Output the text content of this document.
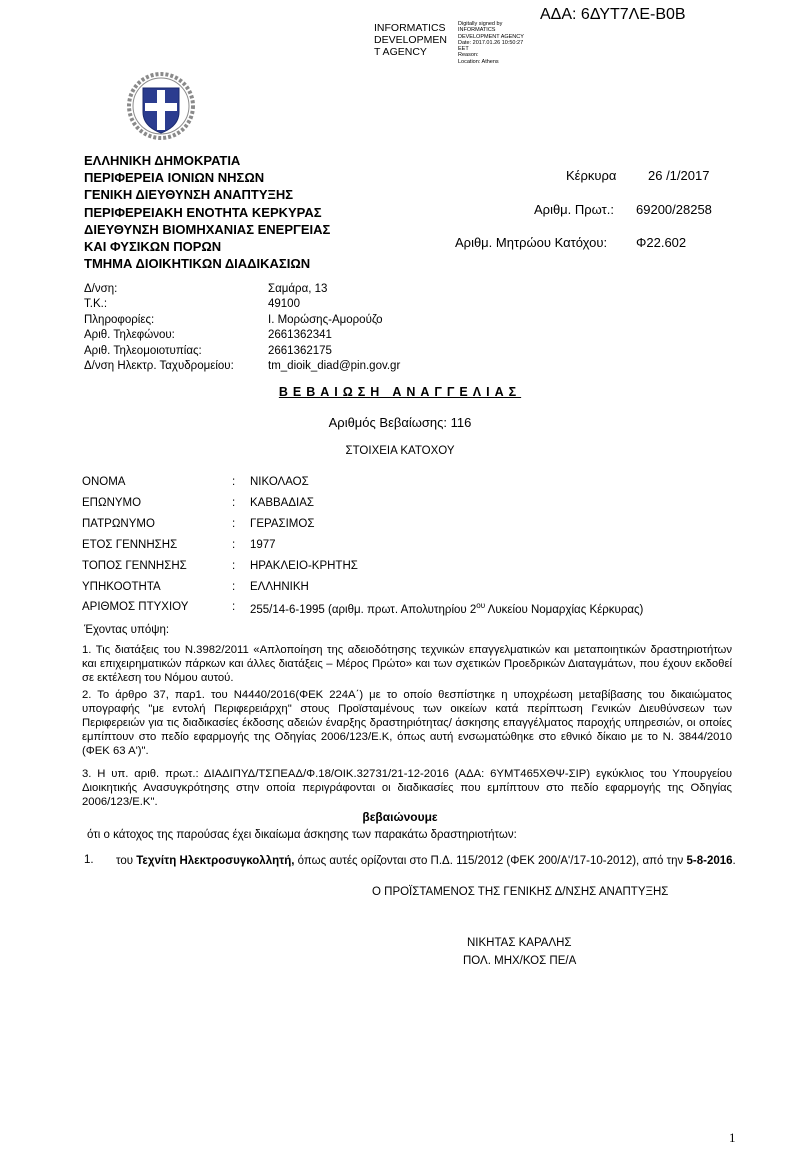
INFORMATICS
DEVELOPMEN
T AGENCY
Digitally signed by
INFORMATICS
DEVELOPMENT AGENCY
Date: 2017.01.26 10:50:27
EET
Reason:
Location: Athens
ΑΔΑ: 6ΔΥΤ7ΛΕ-Β0Β
ΕΛΛΗΝΙΚΗ ΔΗΜΟΚΡΑΤΙΑ
ΠΕΡΙΦΕΡΕΙΑ ΙΟΝΙΩΝ ΝΗΣΩΝ
ΓΕΝΙΚΗ ΔΙΕΥΘΥΝΣΗ ΑΝΑΠΤΥΞΗΣ
ΠΕΡΙΦΕΡΕΙΑΚΗ ΕΝΟΤΗΤΑ ΚΕΡΚΥΡΑΣ
ΔΙΕΥΘΥΝΣΗ ΒΙΟΜΗΧΑΝΙΑΣ ΕΝΕΡΓΕΙΑΣ
ΚΑΙ ΦΥΣΙΚΩΝ ΠΟΡΩΝ
ΤΜΗΜΑ ΔΙΟΙΚΗΤΙΚΩΝ ΔΙΑΔΙΚΑΣΙΩΝ
Κέρκυρα 26 /1/2017
Αριθμ. Πρωτ.: 69200/28258
Αριθμ. Μητρώου Κατόχου: Φ22.602
Δ/νση:	Σαμάρα, 13
Τ.Κ.:	49100
Πληροφορίες:	Ι. Μορώσης-Αμορούζο
Αριθ. Τηλεφώνου:	2661362341
Αριθ. Τηλεομοιοτυπίας:	2661362175
Δ/νση Ηλεκτρ. Ταχυδρομείου:	tm_dioik_diad@pin.gov.gr
ΒΕΒΑΙΩΣΗ ΑΝΑΓΓΕΛΙΑΣ
Αριθμός Βεβαίωσης: 116
ΣΤΟΙΧΕΙΑ ΚΑΤΟΧΟΥ
ΟΝΟΜΑ	: ΝΙΚΟΛΑΟΣ
ΕΠΩΝΥΜΟ	: ΚΑΒΒΑΔΙΑΣ
ΠΑΤΡΩΝΥΜΟ	: ΓΕΡΑΣΙΜΟΣ
ΕΤΟΣ ΓΕΝΝΗΣΗΣ	: 1977
ΤΟΠΟΣ ΓΕΝΝΗΣΗΣ	: ΗΡΑΚΛΕΙΟ-ΚΡΗΤΗΣ
ΥΠΗΚΟΟΤΗΤΑ	: ΕΛΛΗΝΙΚΗ
ΑΡΙΘΜΟΣ ΠΤΥΧΙΟΥ	: 255/14-6-1995 (αριθμ. πρωτ. Απολυτηρίου $2^{o\upsilon}$ Λυκείου Νομαρχίας Κέρκυρας)
Έχοντας υπόψη:
1. Τις διατάξεις του Ν.3982/2011 «Απλοποίηση της αδειοδότησης τεχνικών επαγγελματικών και μεταποιητικών δραστηριοτήτων και επιχειρηματικών πάρκων και άλλες διατάξεις – Μέρος Πρώτο» και των σχετικών Προεδρικών Διαταγμάτων, που έχουν εκδοθεί σε εκτέλεση του Νόμου αυτού.
2. Το άρθρο 37, παρ1. του Ν4440/2016(ΦΕΚ 224Α΄) με το οποίο θεσπίστηκε η υποχρέωση μεταβίβασης του δικαιώματος υπογραφής "με εντολή Περιφερειάρχη" στους Προϊσταμένους των οικείων κατά περίπτωση Γενικών Διευθύνσεων των Περιφερειών για τις διαδικασίες έκδοσης αδειών έναρξης δραστηριότητας/ άσκησης επαγγέλματος παροχής υπηρεσιών, οι οποίες εμπίπτουν στο πεδίο εφαρμογής της Οδηγίας 2006/123/Ε.Κ, όπως αυτή ενσωματώθηκε στο εθνικό δίκαιο με το Ν. 3844/2010 (ΦΕΚ 63 Α')".
3. Η υπ. αριθ. πρωτ.: ΔΙΑΔΙΠΥΔ/ΤΣΠΕΑΔ/Φ.18/ΟΙΚ.32731/21-12-2016 (ΑΔΑ: 6ΥΜΤ465ΧΘΨ-ΣΙΡ) εγκύκλιος του Υπουργείου Διοικητικής Ανασυγκρότησης στην οποία περιγράφονται οι διαδικασίες που εμπίπτουν στο πεδίο εφαρμογής της Οδηγίας 2006/123/Ε.Κ".
βεβαιώνουμε
ότι ο κάτοχος της παρούσας έχει δικαίωμα άσκησης των παρακάτω δραστηριοτήτων:
1. του Τεχνίτη Ηλεκτροσυγκολλητή, όπως αυτές ορίζονται στο Π.Δ. 115/2012 (ΦΕΚ 200/Α'/17-10-2012), από την 5-8-2016.
Ο ΠΡΟΪΣΤΑΜΕΝΟΣ ΤΗΣ ΓΕΝΙΚΗΣ Δ/ΝΣΗΣ ΑΝΑΠΤΥΞΗΣ
ΝΙΚΗΤΑΣ ΚΑΡΑΛΗΣ
ΠΟΛ. ΜΗΧ/ΚΟΣ ΠΕ/Α
1
